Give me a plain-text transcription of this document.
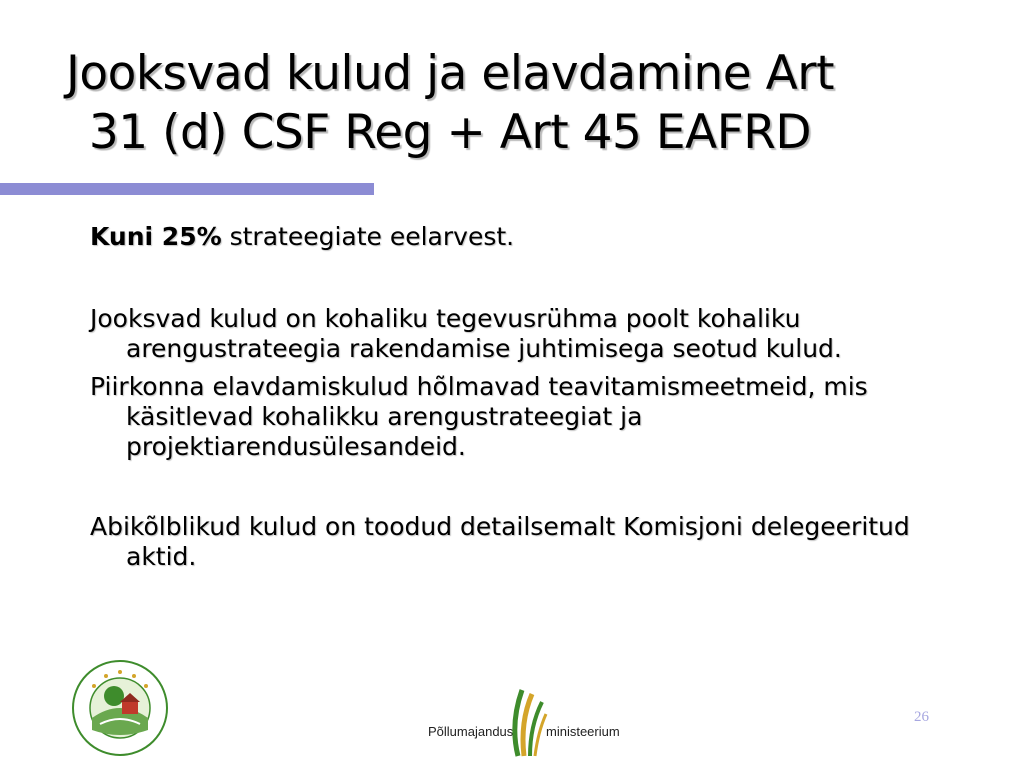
Jooksvad kulud ja elavdamine Art
31 (d) CSF Reg + Art 45 EAFRD

Kuni 25% strateegiate eelarvest.

Jooksvad kulud on kohaliku tegevusrühma poolt kohaliku arengustrateegia rakendamise juhtimisega seotud kulud.

Piirkonna elavdamiskulud hõlmavad teavitamismeetmeid, mis käsitlevad kohalikku arengustrateegiat ja projektiarendusülesandeid.

Abikõlblikud kulud on toodud detailsemalt Komisjoni delegeeritud aktid.

Põllumajandus	ministeerium
26
